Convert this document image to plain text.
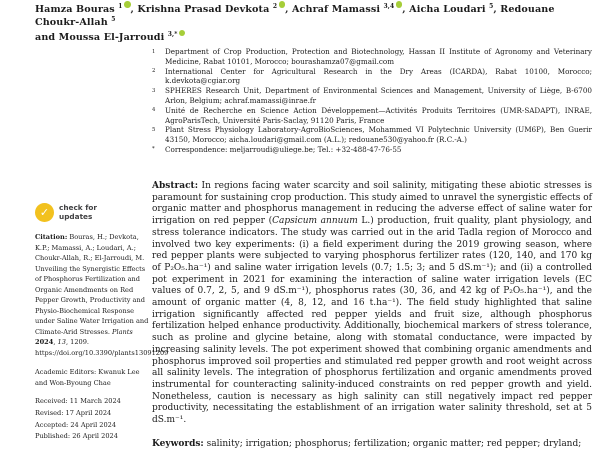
Hamza Bouras $^1$ , Krishna Prasad Devkota $^2$ , Achraf Mamassi $^{3,4}$ , Aicha Loudari $^5$, Redouane Choukr-Allah $^5$
and Moussa El-Jarroudi $^{3,*}$
1	Department of Crop Production, Protection and Biotechnology, Hassan II Institute of Agronomy and Veterinary Medicine, Rabat 10101, Morocco; bourashamza07@gmail.com
2	International Center for Agricultural Research in the Dry Areas (ICARDA), Rabat 10100, Morocco; k.devkota@cgiar.org
3	SPHERES Research Unit, Department of Environmental Sciences and Management, University of Liège, B-6700 Arlon, Belgium; achraf.mamassi@inrae.fr
4	Unité de Recherche en Science Action Développement—Activités Produits Territoires (UMR-SADAPT), INRAE, AgroParisTech, Université Paris-Saclay, 91120 Paris, France
5	Plant Stress Physiology Laboratory-AgroBioSciences, Mohammed VI Polytechnic University (UM6P), Ben Guerir 43150, Morocco; aicha.loudari@gmail.com (A.L.); redouane530@yahoo.fr (R.C.-A.)
*	Correspondence: meljarroudi@uliege.be; Tel.: +32-488-47-76-55
✓	check for
updates

Citation: Bouras, H.; Devkota, K.P.; Mamassi, A.; Loudari, A.; Choukr-Allah, R.; El-Jarroudi, M. Unveiling the Synergistic Effects of Phosphorus Fertilization and Organic Amendments on Red Pepper Growth, Productivity and Physio-Biochemical Response under Saline Water Irrigation and Climate-Arid Stresses. Plants 2024, 13, 1209. https://doi.org/10.3390/plants13091209

Academic Editors: Kwanuk Lee and Won-Byoung Chae

Received: 11 March 2024
Revised: 17 April 2024
Accepted: 24 April 2024
Published: 26 April 2024
Abstract: In regions facing water scarcity and soil salinity, mitigating these abiotic stresses is paramount for sustaining crop production. This study aimed to unravel the synergistic effects of organic matter and phosphorus management in reducing the adverse effect of saline water for irrigation on red pepper (Capsicum annuum L.) production, fruit quality, plant physiology, and stress tolerance indicators. The study was carried out in the arid Tadla region of Morocco and involved two key experiments: (i) a field experiment during the 2019 growing season, where red pepper plants were subjected to varying phosphorus fertilizer rates (120, 140, and 170 kg of P₂O₅.ha⁻¹) and saline water irrigation levels (0.7; 1.5; 3; and 5 dS.m⁻¹); and (ii) a controlled pot experiment in 2021 for examining the interaction of saline water irrigation levels (EC values of 0.7, 2, 5, and 9 dS.m⁻¹), phosphorus rates (30, 36, and 42 kg of P₂O₅.ha⁻¹), and the amount of organic matter (4, 8, 12, and 16 t.ha⁻¹). The field study highlighted that saline irrigation significantly affected red pepper yields and fruit size, although phosphorus fertilization helped enhance productivity. Additionally, biochemical markers of stress tolerance, such as proline and glycine betaine, along with stomatal conductance, were impacted by increasing salinity levels. The pot experiment showed that combining organic amendments and phosphorus improved soil properties and stimulated red pepper growth and root weight across all salinity levels. The integration of phosphorus fertilization and organic amendments proved instrumental for counteracting salinity-induced constraints on red pepper growth and yield. Nonetheless, caution is necessary as high salinity can still negatively impact red pepper productivity, necessitating the establishment of an irrigation water salinity threshold, set at 5 dS.m⁻¹.
Keywords: salinity; irrigation; phosphorus; fertilization; organic matter; red pepper; dryland;
